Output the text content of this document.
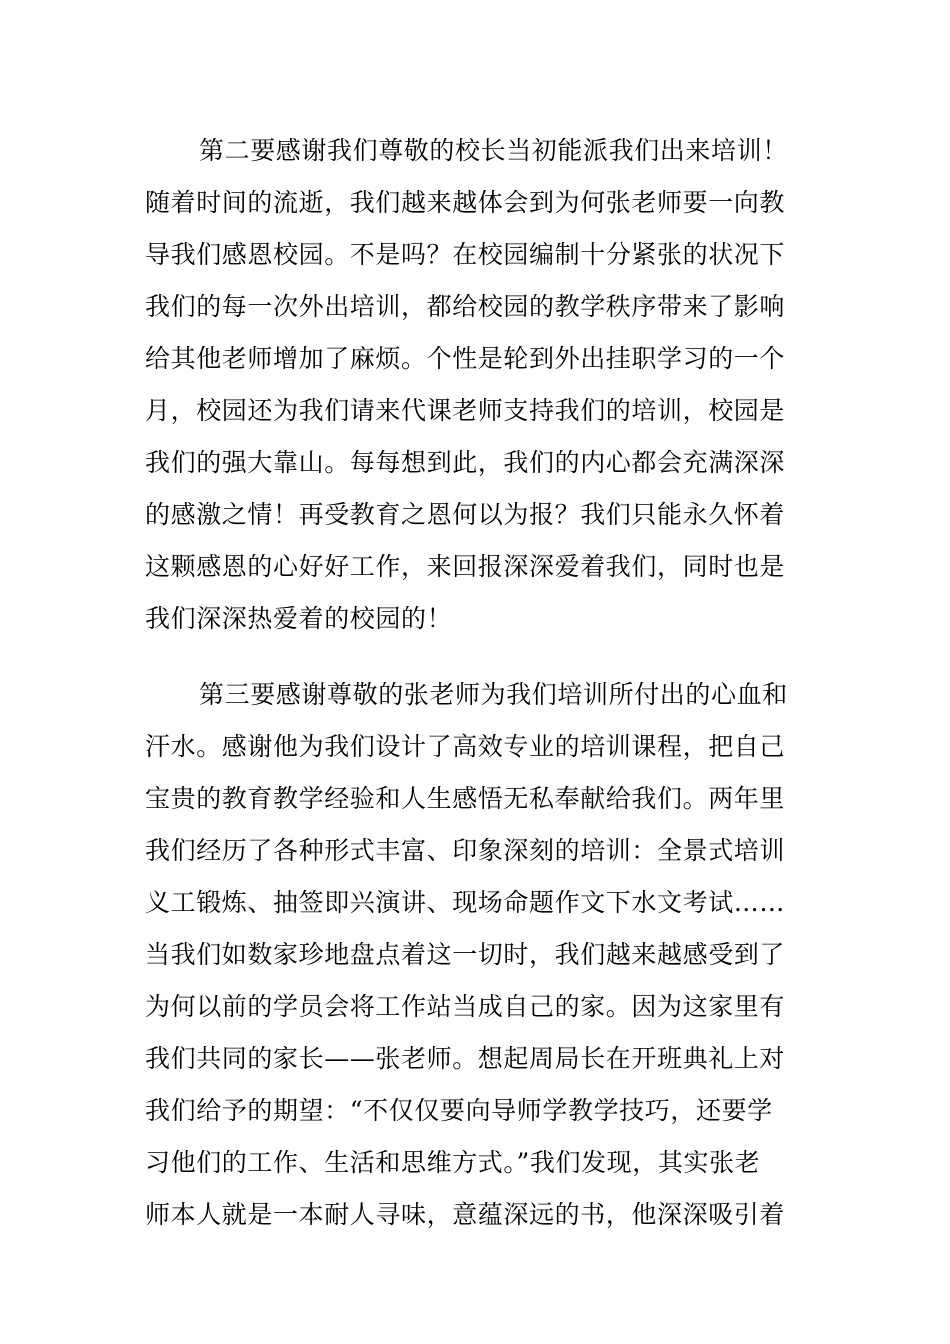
第二要感谢我们尊敬的校长当初能派我们出来培训！
随着时间的流逝，我们越来越体会到为何张老师要一向教
导我们感恩校园。不是吗？在校园编制十分紧张的状况下
我们的每一次外出培训，都给校园的教学秩序带来了影响
给其他老师增加了麻烦。个性是轮到外出挂职学习的一个
月，校园还为我们请来代课老师支持我们的培训，校园是
我们的强大靠山。每每想到此，我们的内心都会充满深深
的感激之情！再受教育之恩何以为报？我们只能永久怀着
这颗感恩的心好好工作，来回报深深爱着我们，同时也是
我们深深热爱着的校园的！
第三要感谢尊敬的张老师为我们培训所付出的心血和
汗水。感谢他为我们设计了高效专业的培训课程，把自己
宝贵的教育教学经验和人生感悟无私奉献给我们。两年里
我们经历了各种形式丰富、印象深刻的培训：全景式培训
义工锻炼、抽签即兴演讲、现场命题作文下水文考试……
当我们如数家珍地盘点着这一切时，我们越来越感受到了
为何以前的学员会将工作站当成自己的家。因为这家里有
我们共同的家长——张老师。想起周局长在开班典礼上对
我们给予的期望：“不仅仅要向导师学教学技巧，还要学
习他们的工作、生活和思维方式。”我们发现，其实张老
师本人就是一本耐人寻味，意蕴深远的书，他深深吸引着
